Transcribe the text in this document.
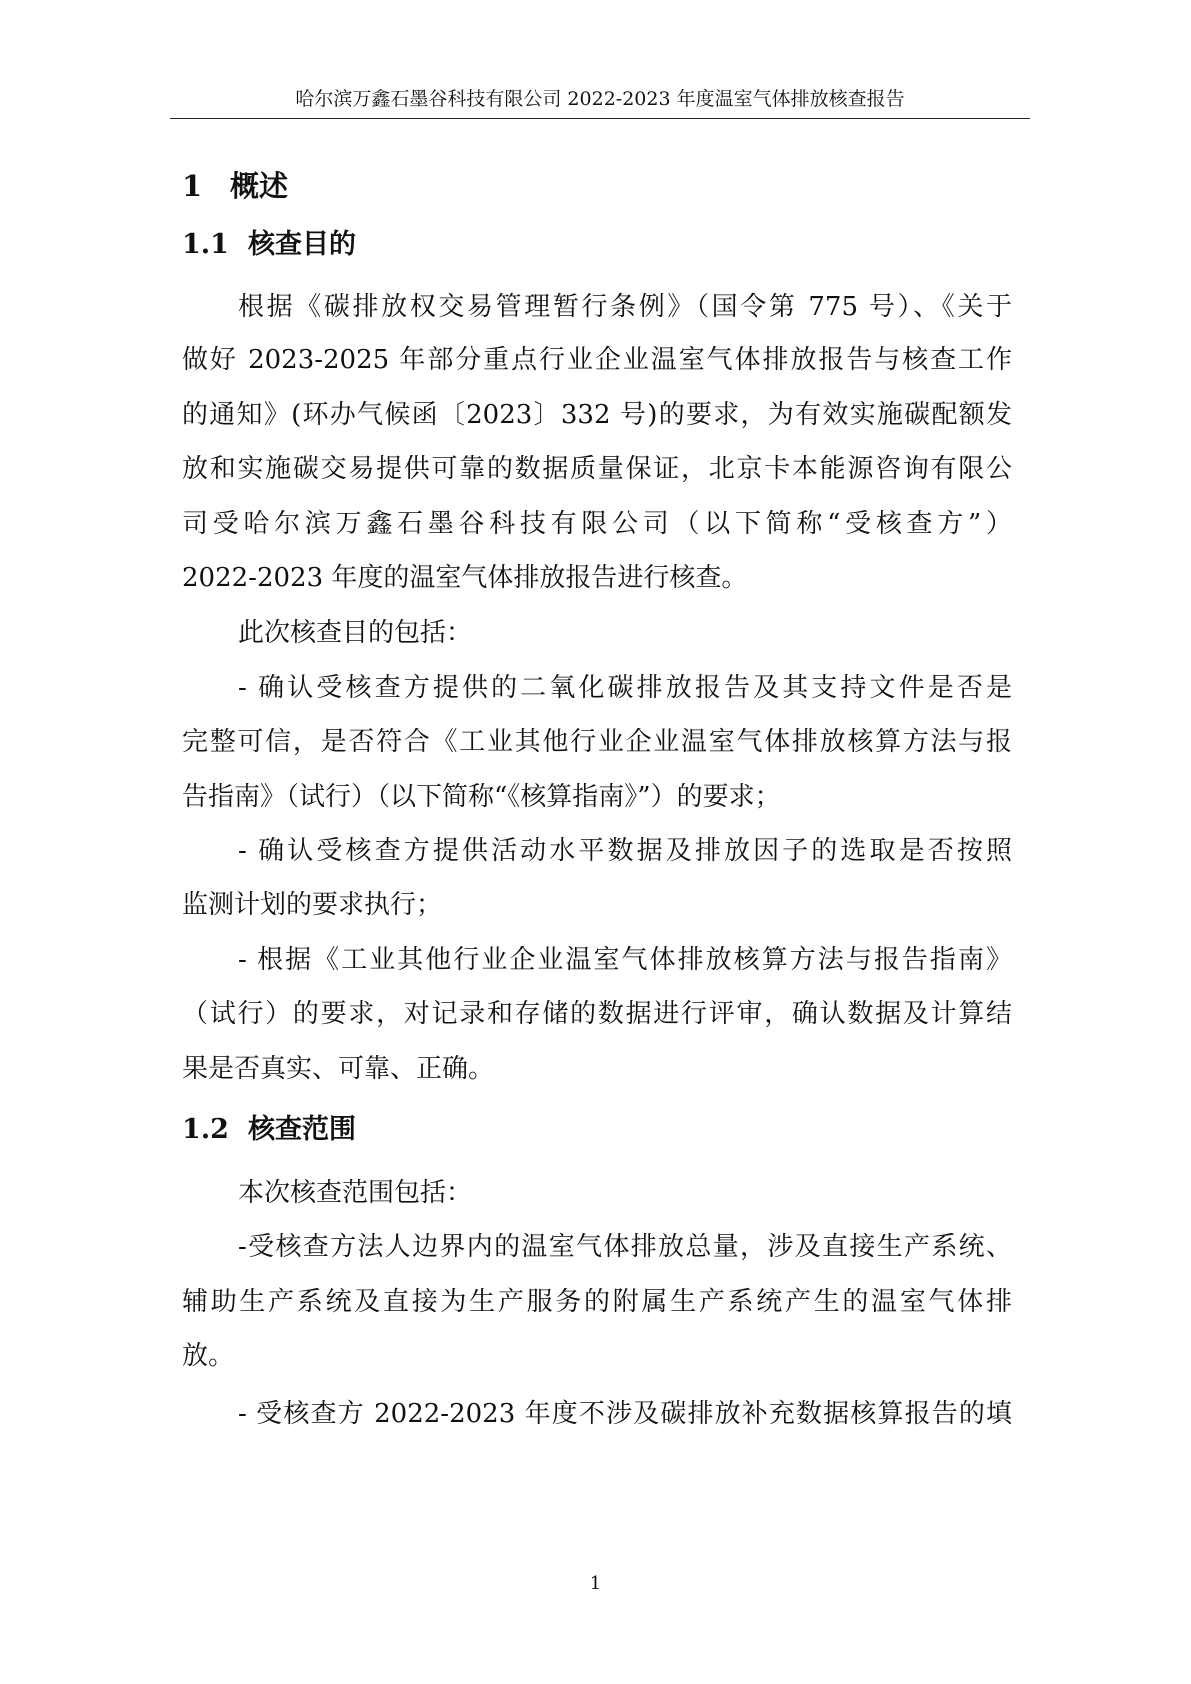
哈尔滨万鑫石墨谷科技有限公司 2022-2023 年度温室气体排放核查报告
1 概述
1.1 核查目的
根据《碳排放权交易管理暂行条例》（国令第 775 号）、《关于
做好 2023-2025 年部分重点行业企业温室气体排放报告与核查工作
的通知》(环办气候函〔2023〕332 号)的要求，为有效实施碳配额发
放和实施碳交易提供可靠的数据质量保证，北京卡本能源咨询有限公
司受哈尔滨万鑫石墨谷科技有限公司（以下简称“受核查方”）
2022-2023 年度的温室气体排放报告进行核查。
此次核查目的包括：
- 确认受核查方提供的二氧化碳排放报告及其支持文件是否是
完整可信，是否符合《工业其他行业企业温室气体排放核算方法与报
告指南》（试行）（以下简称“《核算指南》”）的要求；
- 确认受核查方提供活动水平数据及排放因子的选取是否按照
监测计划的要求执行；
- 根据《工业其他行业企业温室气体排放核算方法与报告指南》
（试行）的要求，对记录和存储的数据进行评审，确认数据及计算结
果是否真实、可靠、正确。
1.2 核查范围
本次核查范围包括：
-受核查方法人边界内的温室气体排放总量，涉及直接生产系统、
辅助生产系统及直接为生产服务的附属生产系统产生的温室气体排
放。
- 受核查方 2022-2023 年度不涉及碳排放补充数据核算报告的填
1
